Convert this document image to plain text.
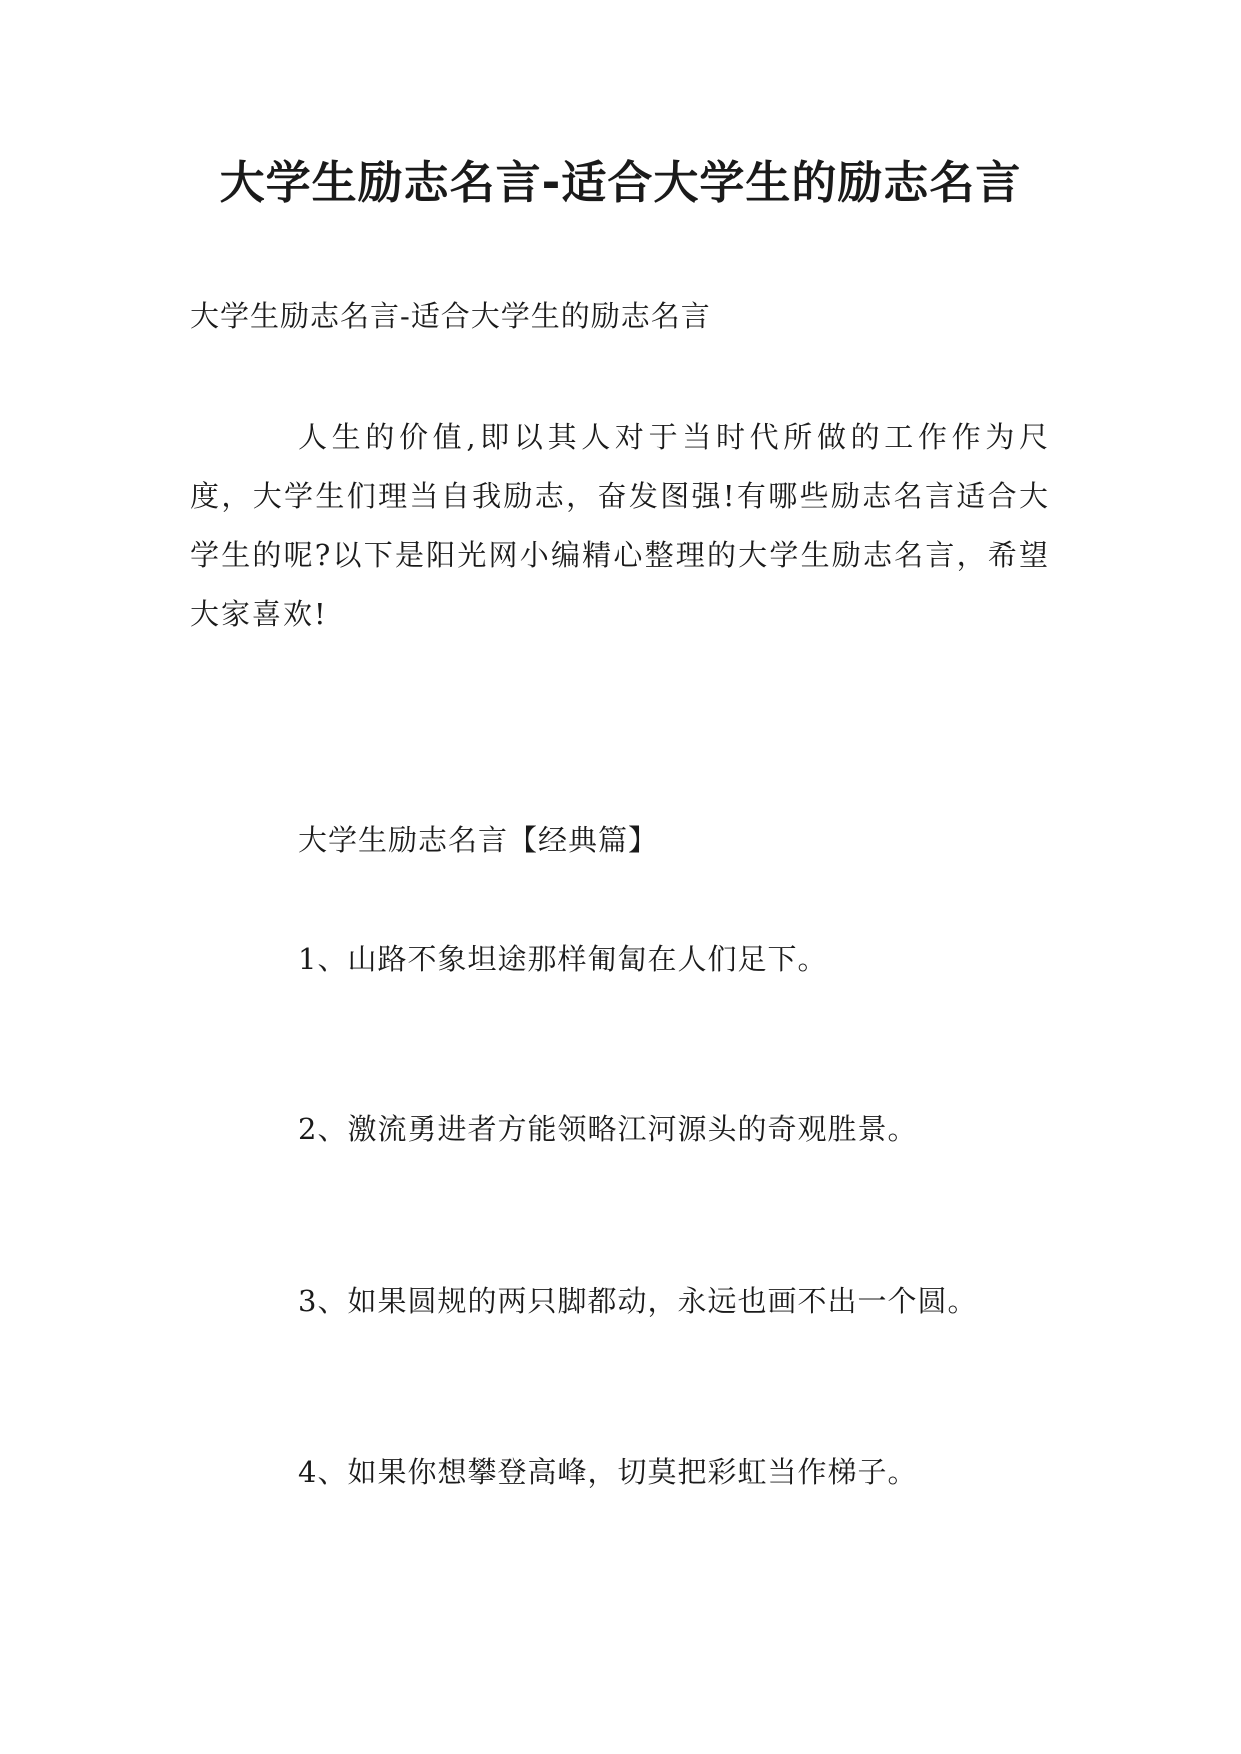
大学生励志名言-适合大学生的励志名言

大学生励志名言-适合大学生的励志名言

人生的价值,即以其人对于当时代所做的工作作为尺度，大学生们理当自我励志，奋发图强!有哪些励志名言适合大学生的呢?以下是阳光网小编精心整理的大学生励志名言，希望大家喜欢!

大学生励志名言【经典篇】

1、山路不象坦途那样匍匐在人们足下。

2、激流勇进者方能领略江河源头的奇观胜景。

3、如果圆规的两只脚都动，永远也画不出一个圆。

4、如果你想攀登高峰，切莫把彩虹当作梯子。
